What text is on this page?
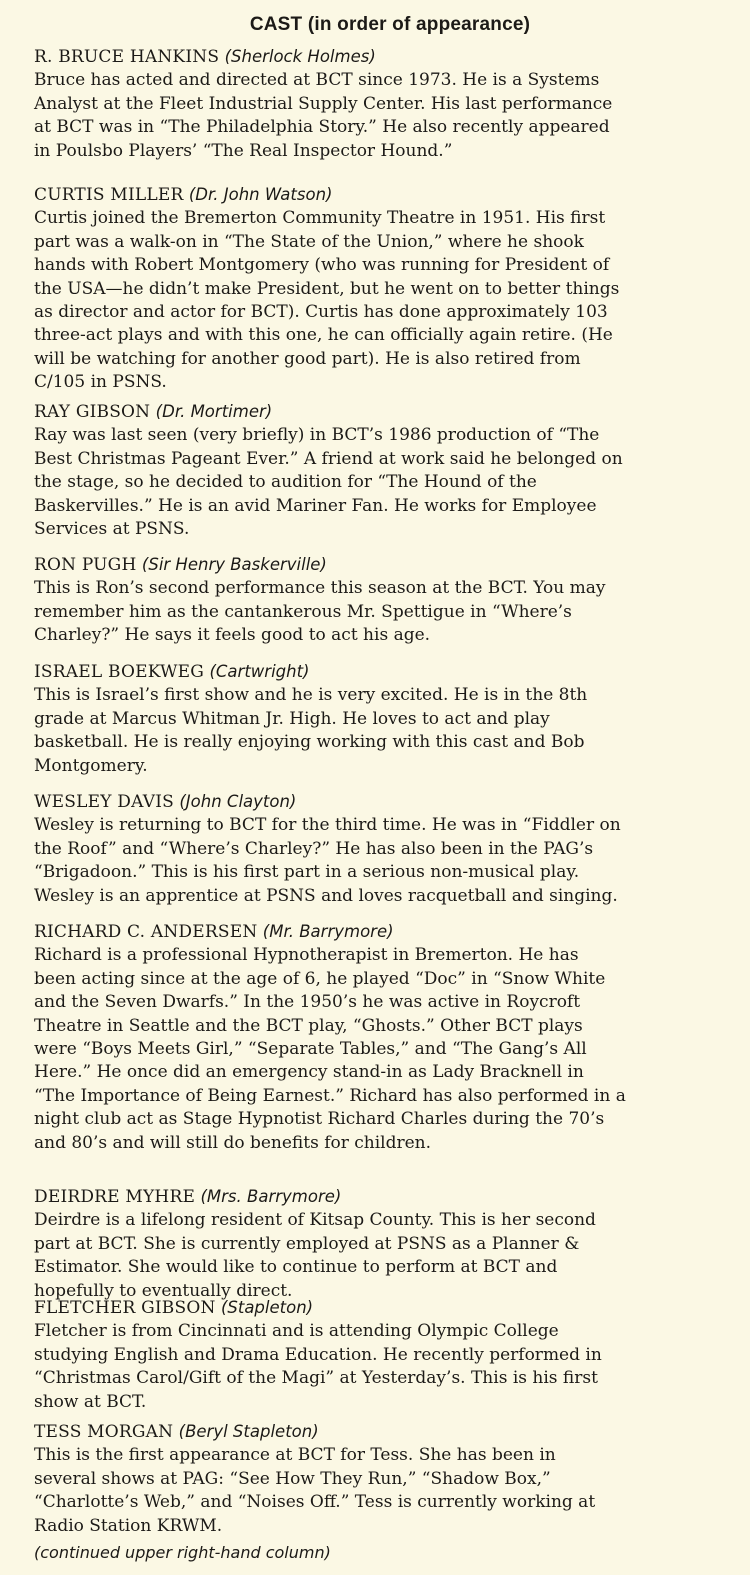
CAST (in order of appearance)
R. BRUCE HANKINS (Sherlock Holmes)
Bruce has acted and directed at BCT since 1973. He is a Systems
Analyst at the Fleet Industrial Supply Center. His last performance
at BCT was in “The Philadelphia Story.” He also recently appeared
in Poulsbo Players’ “The Real Inspector Hound.”
CURTIS MILLER (Dr. John Watson)
Curtis joined the Bremerton Community Theatre in 1951. His first
part was a walk-on in “The State of the Union,” where he shook
hands with Robert Montgomery (who was running for President of
the USA—he didn’t make President, but he went on to better things
as director and actor for BCT). Curtis has done approximately 103
three-act plays and with this one, he can officially again retire. (He
will be watching for another good part). He is also retired from
C/105 in PSNS.
RAY GIBSON (Dr. Mortimer)
Ray was last seen (very briefly) in BCT’s 1986 production of “The
Best Christmas Pageant Ever.” A friend at work said he belonged on
the stage, so he decided to audition for “The Hound of the
Baskervilles.” He is an avid Mariner Fan. He works for Employee
Services at PSNS.
RON PUGH (Sir Henry Baskerville)
This is Ron’s second performance this season at the BCT. You may
remember him as the cantankerous Mr. Spettigue in “Where’s
Charley?” He says it feels good to act his age.
ISRAEL BOEKWEG (Cartwright)
This is Israel’s first show and he is very excited. He is in the 8th
grade at Marcus Whitman Jr. High. He loves to act and play
basketball. He is really enjoying working with this cast and Bob
Montgomery.
WESLEY DAVIS (John Clayton)
Wesley is returning to BCT for the third time. He was in “Fiddler on
the Roof” and “Where’s Charley?” He has also been in the PAG’s
“Brigadoon.” This is his first part in a serious non-musical play.
Wesley is an apprentice at PSNS and loves racquetball and singing.
RICHARD C. ANDERSEN (Mr. Barrymore)
Richard is a professional Hypnotherapist in Bremerton. He has
been acting since at the age of 6, he played “Doc” in “Snow White
and the Seven Dwarfs.” In the 1950’s he was active in Roycroft
Theatre in Seattle and the BCT play, “Ghosts.” Other BCT plays
were “Boys Meets Girl,” “Separate Tables,” and “The Gang’s All
Here.” He once did an emergency stand-in as Lady Bracknell in
“The Importance of Being Earnest.” Richard has also performed in a
night club act as Stage Hypnotist Richard Charles during the 70’s
and 80’s and will still do benefits for children.
DEIRDRE MYHRE (Mrs. Barrymore)
Deirdre is a lifelong resident of Kitsap County. This is her second
part at BCT. She is currently employed at PSNS as a Planner &
Estimator. She would like to continue to perform at BCT and
hopefully to eventually direct.
FLETCHER GIBSON (Stapleton)
Fletcher is from Cincinnati and is attending Olympic College
studying English and Drama Education. He recently performed in
“Christmas Carol/Gift of the Magi” at Yesterday’s. This is his first
show at BCT.
TESS MORGAN (Beryl Stapleton)
This is the first appearance at BCT for Tess. She has been in
several shows at PAG: “See How They Run,” “Shadow Box,”
“Charlotte’s Web,” and “Noises Off.” Tess is currently working at
Radio Station KRWM.
(continued upper right-hand column)
